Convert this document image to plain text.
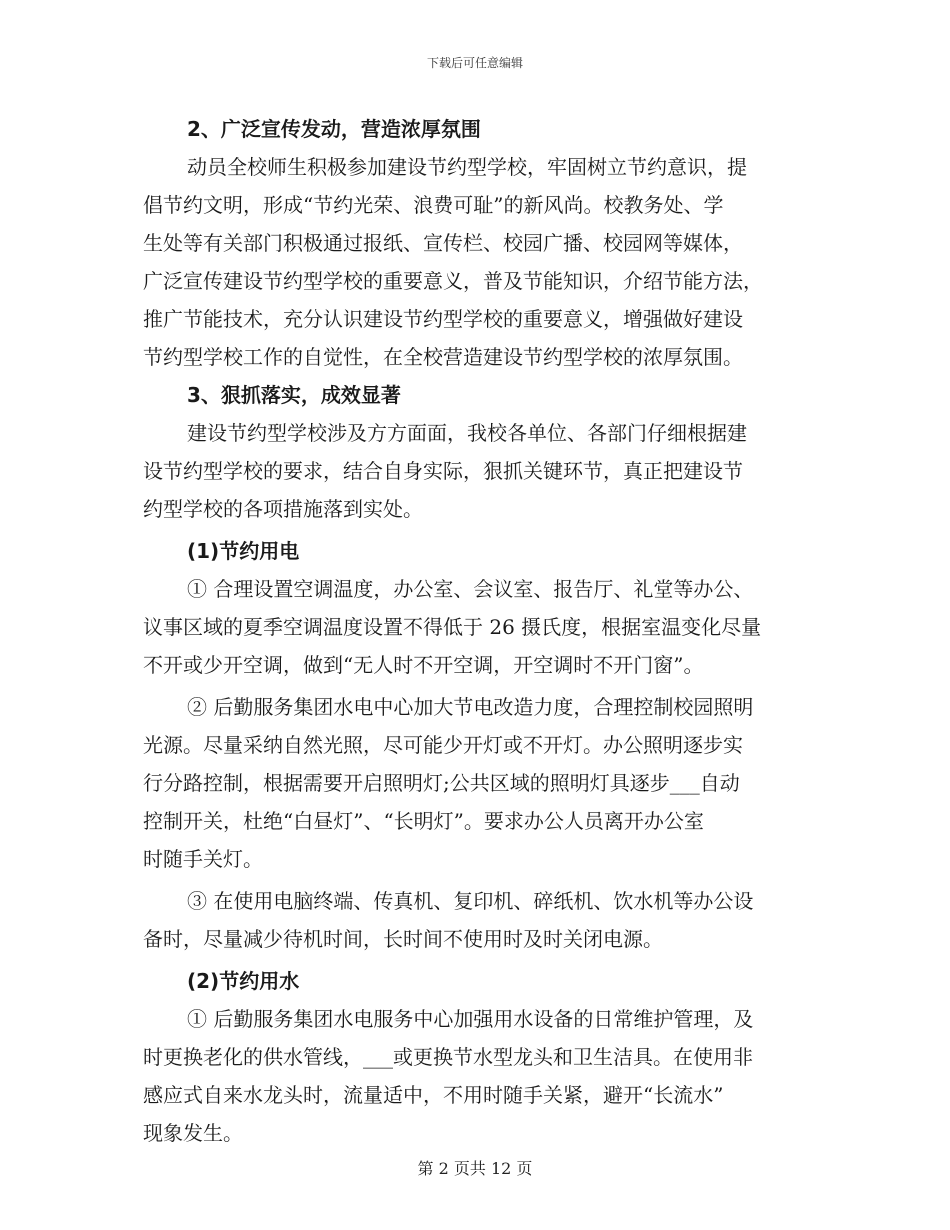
下载后可任意编辑
2、广泛宣传发动，营造浓厚氛围
动员全校师生积极参加建设节约型学校，牢固树立节约意识，提
倡节约文明，形成“节约光荣、浪费可耻”的新风尚。校教务处、学
生处等有关部门积极通过报纸、宣传栏、校园广播、校园网等媒体，
广泛宣传建设节约型学校的重要意义，普及节能知识，介绍节能方法，
推广节能技术，充分认识建设节约型学校的重要意义，增强做好建设
节约型学校工作的自觉性，在全校营造建设节约型学校的浓厚氛围。
3、狠抓落实，成效显著
建设节约型学校涉及方方面面，我校各单位、各部门仔细根据建
设节约型学校的要求，结合自身实际，狠抓关键环节，真正把建设节
约型学校的各项措施落到实处。
(1)节约用电
① 合理设置空调温度，办公室、会议室、报告厅、礼堂等办公、
议事区域的夏季空调温度设置不得低于 26 摄氏度，根据室温变化尽量
不开或少开空调，做到“无人时不开空调，开空调时不开门窗”。
② 后勤服务集团水电中心加大节电改造力度，合理控制校园照明
光源。尽量采纳自然光照，尽可能少开灯或不开灯。办公照明逐步实
行分路控制，根据需要开启照明灯;公共区域的照明灯具逐步___自动
控制开关，杜绝“白昼灯”、“长明灯”。要求办公人员离开办公室
时随手关灯。
③ 在使用电脑终端、传真机、复印机、碎纸机、饮水机等办公设
备时，尽量减少待机时间，长时间不使用时及时关闭电源。
(2)节约用水
① 后勤服务集团水电服务中心加强用水设备的日常维护管理，及
时更换老化的供水管线，___或更换节水型龙头和卫生洁具。在使用非
感应式自来水龙头时，流量适中，不用时随手关紧，避开“长流水”
现象发生。
第 2 页共 12 页
